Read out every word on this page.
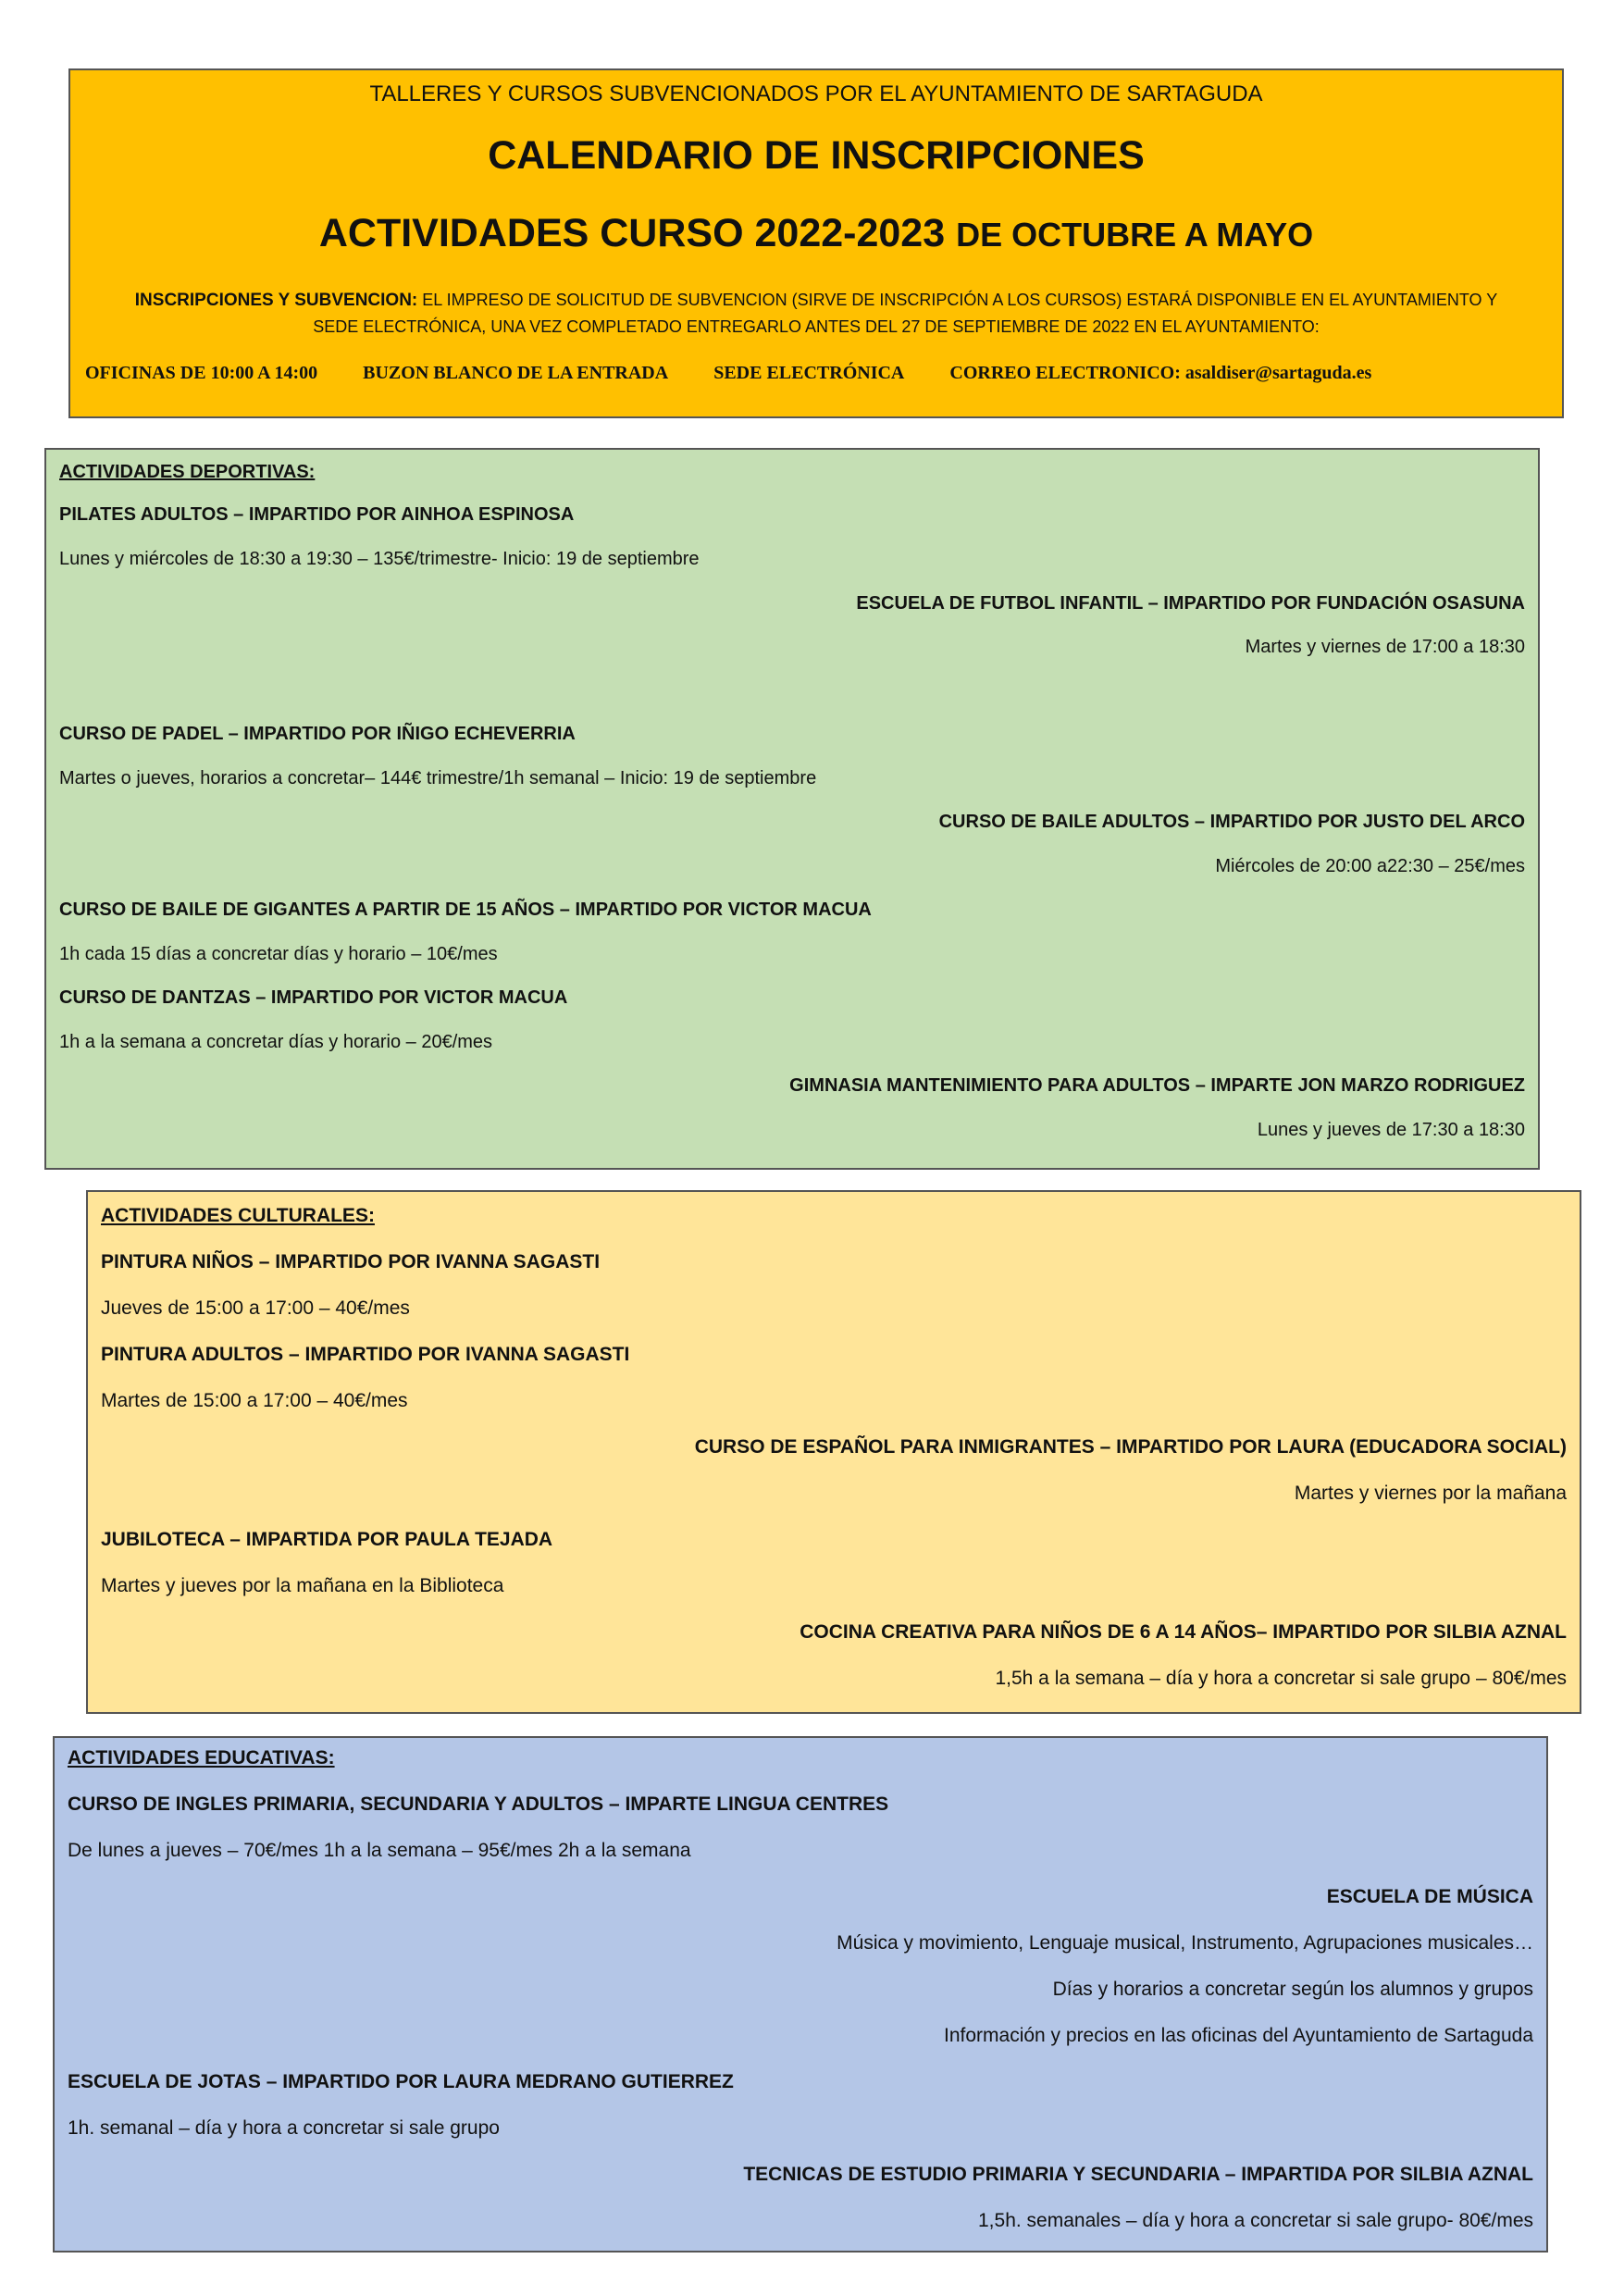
TALLERES Y CURSOS SUBVENCIONADOS POR EL AYUNTAMIENTO DE SARTAGUDA
CALENDARIO DE INSCRIPCIONES
ACTIVIDADES CURSO 2022-2023 DE OCTUBRE A MAYO
INSCRIPCIONES Y SUBVENCION: EL IMPRESO DE SOLICITUD DE SUBVENCION (SIRVE DE INSCRIPCIÓN A LOS CURSOS) ESTARÁ DISPONIBLE EN EL AYUNTAMIENTO Y SEDE ELECTRÓNICA, UNA VEZ COMPLETADO ENTREGARLO ANTES DEL 27 DE SEPTIEMBRE DE 2022 EN EL AYUNTAMIENTO:
OFICINAS DE 10:00 A 14:00 BUZON BLANCO DE LA ENTRADA SEDE ELECTRÓNICA CORREO ELECTRONICO: asaldiser@sartaguda.es
ACTIVIDADES DEPORTIVAS:
PILATES ADULTOS – IMPARTIDO POR AINHOA ESPINOSA
Lunes y miércoles de 18:30 a 19:30 – 135€/trimestre- Inicio: 19 de septiembre
ESCUELA DE FUTBOL INFANTIL – IMPARTIDO POR FUNDACIÓN OSASUNA
Martes y viernes de 17:00 a 18:30
CURSO DE PADEL – IMPARTIDO POR IÑIGO ECHEVERRIA
Martes o jueves, horarios a concretar– 144€ trimestre/1h semanal – Inicio: 19 de septiembre
CURSO DE BAILE ADULTOS – IMPARTIDO POR JUSTO DEL ARCO
Miércoles de 20:00 a22:30 – 25€/mes
CURSO DE BAILE DE GIGANTES A PARTIR DE 15 AÑOS – IMPARTIDO POR VICTOR MACUA
1h cada 15 días a concretar días y horario – 10€/mes
CURSO DE DANTZAS – IMPARTIDO POR VICTOR MACUA
1h a la semana a concretar días y horario – 20€/mes
GIMNASIA MANTENIMIENTO PARA ADULTOS – IMPARTE JON MARZO RODRIGUEZ
Lunes y jueves de 17:30 a 18:30
ACTIVIDADES CULTURALES:
PINTURA NIÑOS – IMPARTIDO POR IVANNA SAGASTI
Jueves de 15:00 a 17:00 – 40€/mes
PINTURA ADULTOS – IMPARTIDO POR IVANNA SAGASTI
Martes de 15:00 a 17:00 – 40€/mes
CURSO DE ESPAÑOL PARA INMIGRANTES – IMPARTIDO POR LAURA (EDUCADORA SOCIAL)
Martes y viernes por la mañana
JUBILOTECA – IMPARTIDA POR PAULA TEJADA
Martes y jueves por la mañana en la Biblioteca
COCINA CREATIVA PARA NIÑOS DE 6 A 14 AÑOS– IMPARTIDO POR SILBIA AZNAL
1,5h a la semana – día y hora a concretar si sale grupo – 80€/mes
ACTIVIDADES EDUCATIVAS:
CURSO DE INGLES PRIMARIA, SECUNDARIA Y ADULTOS – IMPARTE LINGUA CENTRES
De lunes a jueves – 70€/mes 1h a la semana – 95€/mes 2h a la semana
ESCUELA DE MÚSICA
Música y movimiento, Lenguaje musical, Instrumento, Agrupaciones musicales…
Días y horarios a concretar según los alumnos y grupos
Información y precios en las oficinas del Ayuntamiento de Sartaguda
ESCUELA DE JOTAS – IMPARTIDO POR LAURA MEDRANO GUTIERREZ
1h. semanal – día y hora a concretar si sale grupo
TECNICAS DE ESTUDIO PRIMARIA Y SECUNDARIA – IMPARTIDA POR SILBIA AZNAL
1,5h. semanales – día y hora a concretar si sale grupo- 80€/mes
